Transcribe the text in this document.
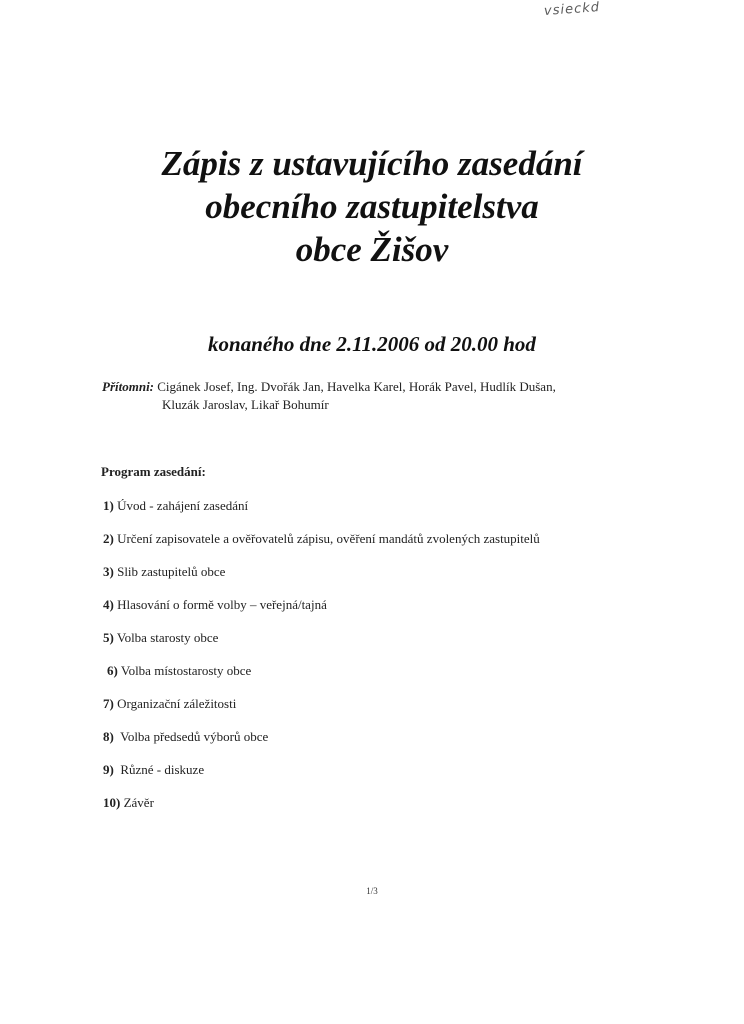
vsieckd
Zápis z ustavujícího zasedání
obecního zastupitelstva
obce Žišov
konaného dne 2.11.2006 od 20.00 hod
Přítomni: Cigánek Josef, Ing. Dvořák Jan, Havelka Karel, Horák Pavel, Hudlík Dušan,
Kluzák Jaroslav, Likař Bohumír
Program zasedání:
1) Úvod - zahájení zasedání
2) Určení zapisovatele a ověřovatelů zápisu, ověření mandátů zvolených zastupitelů
3) Slib zastupitelů obce
4) Hlasování o formě volby – veřejná/tajná
5) Volba starosty obce
6) Volba místostarosty obce
7) Organizační záležitosti
8) Volba předsedů výborů obce
9) Různé - diskuze
10) Závěr
1/3
